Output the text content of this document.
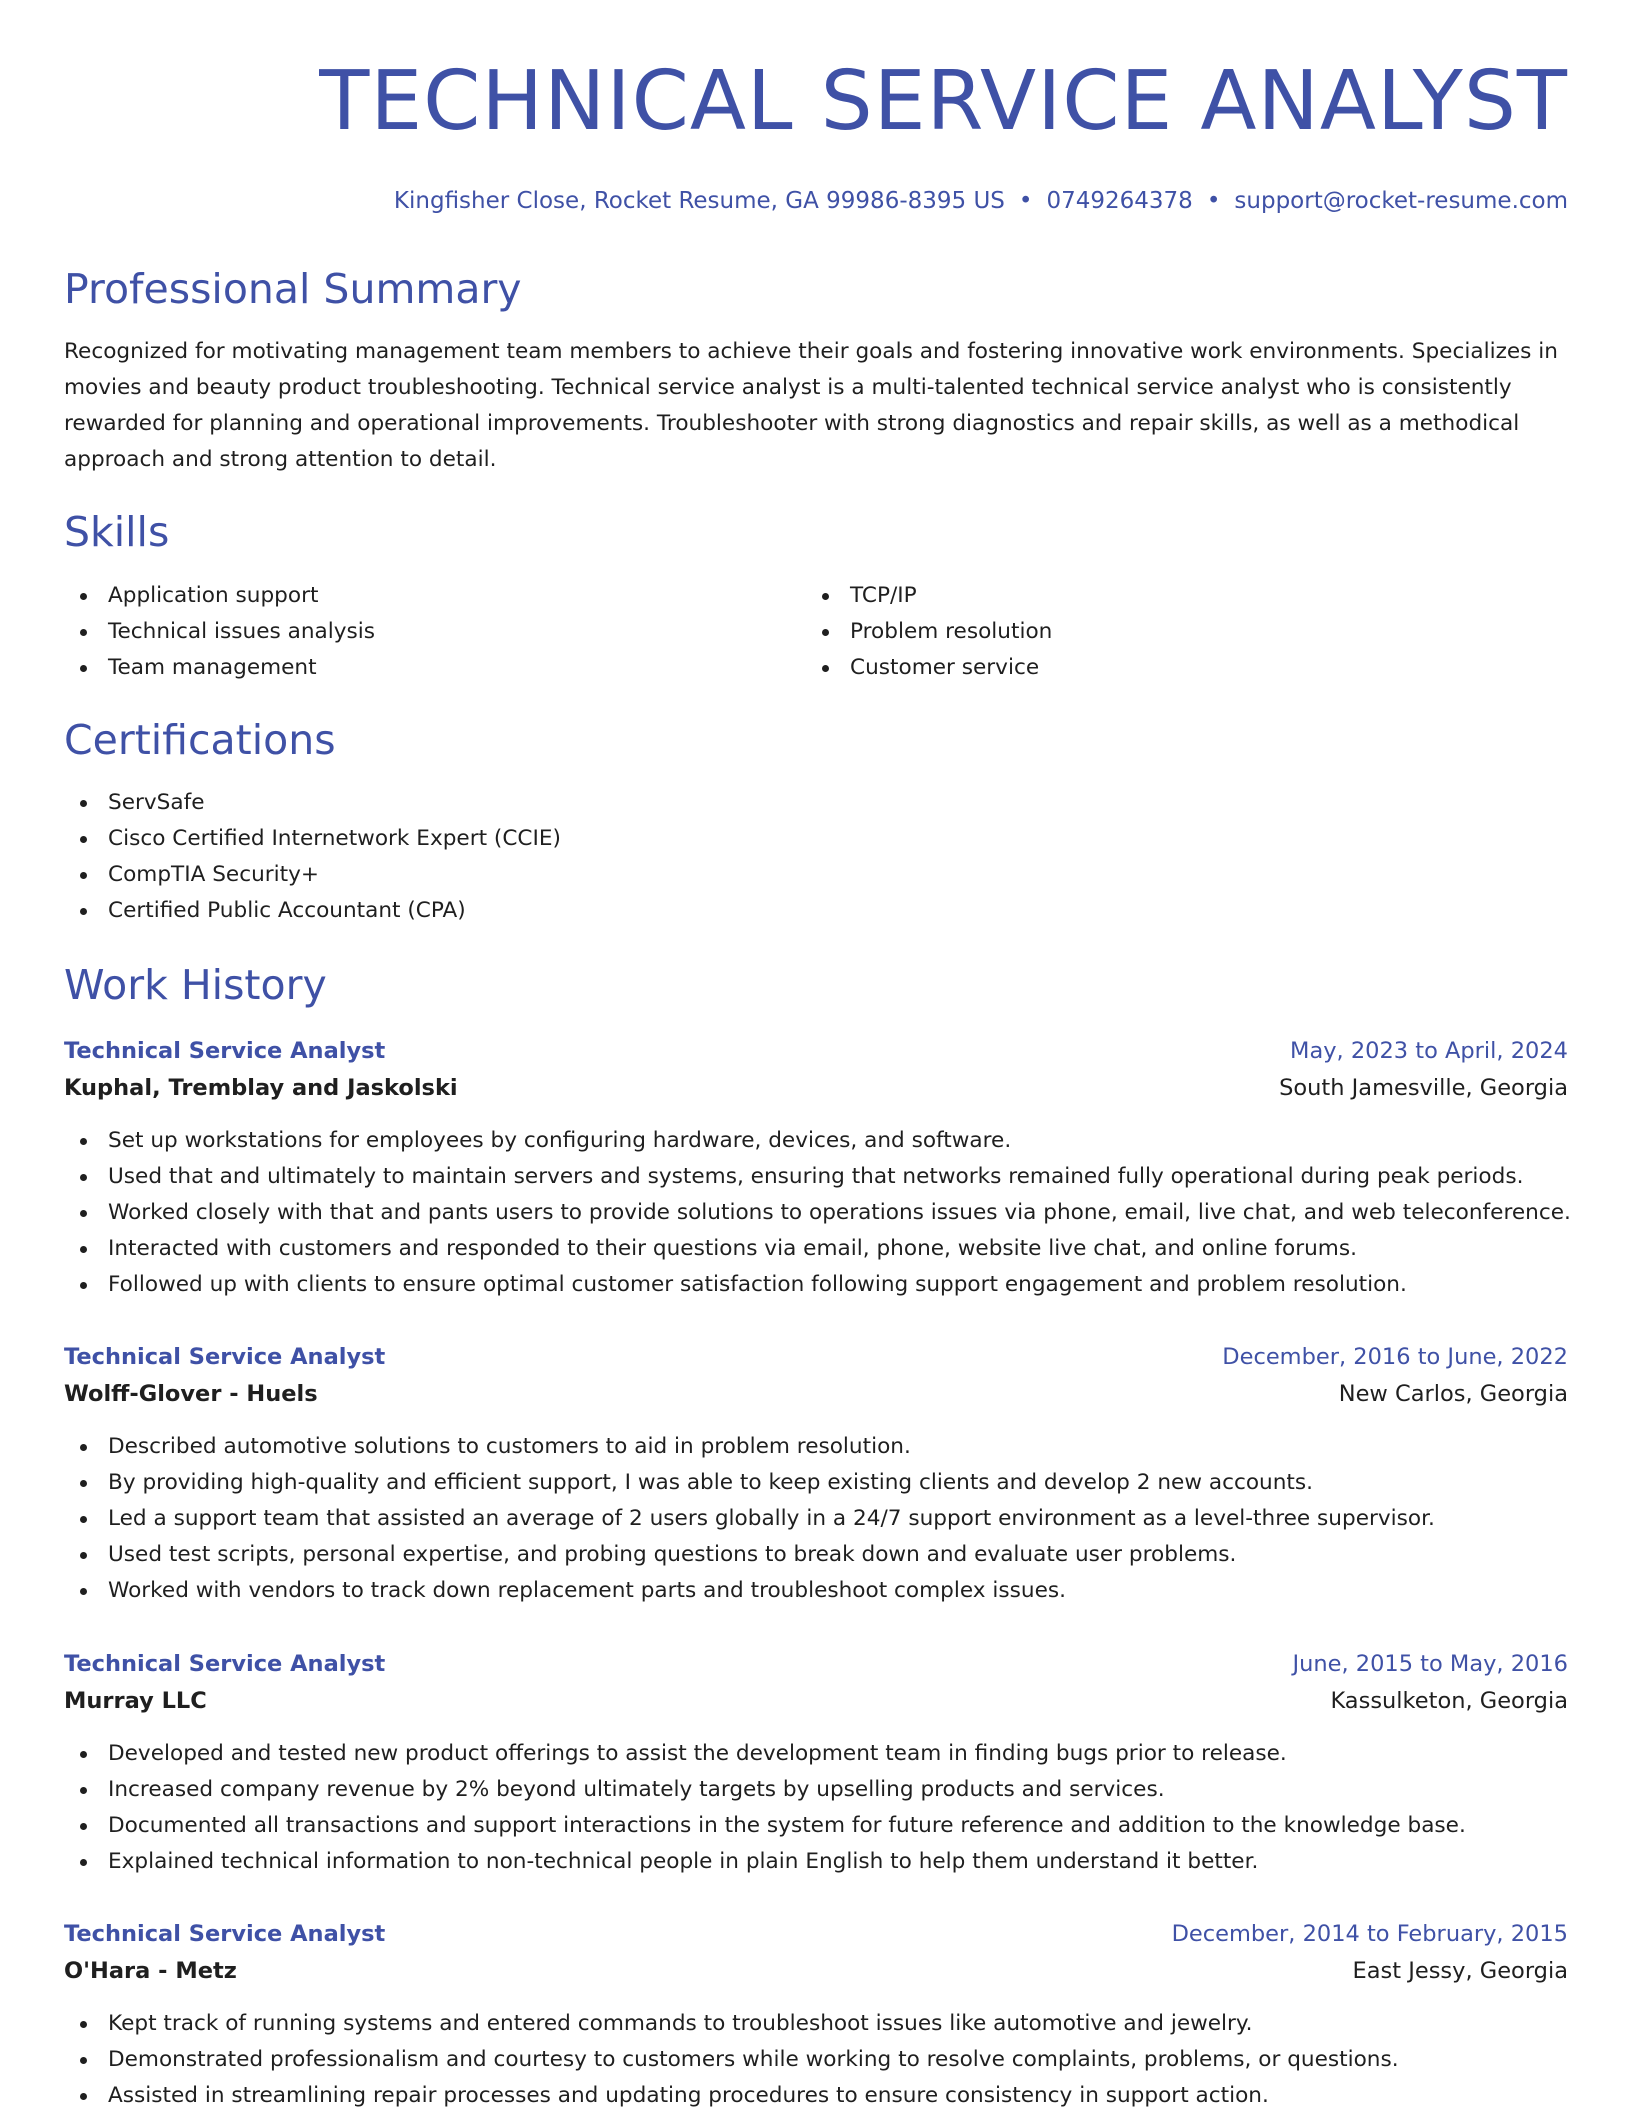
TECHNICAL SERVICE ANALYST
Kingfisher Close, Rocket Resume, GA 99986-8395 US • 0749264378 • support@rocket-resume.com
Professional Summary

Recognized for motivating management team members to achieve their goals and fostering innovative work environments. Specializes in movies and beauty product troubleshooting. Technical service analyst is a multi-talented technical service analyst who is consistently rewarded for planning and operational improvements. Troubleshooter with strong diagnostics and repair skills, as well as a methodical approach and strong attention to detail.

Skills
Application support
Technical issues analysis
Team management
TCP/IP
Problem resolution
Customer service
Certifications
ServSafe
Cisco Certified Internetwork Expert (CCIE)
CompTIA Security+
Certified Public Accountant (CPA)
Work History
Technical Service Analyst	May, 2023 to April, 2024
Kuphal, Tremblay and Jaskolski	South Jamesville, Georgia
Set up workstations for employees by configuring hardware, devices, and software.
Used that and ultimately to maintain servers and systems, ensuring that networks remained fully operational during peak periods.
Worked closely with that and pants users to provide solutions to operations issues via phone, email, live chat, and web teleconference.
Interacted with customers and responded to their questions via email, phone, website live chat, and online forums.
Followed up with clients to ensure optimal customer satisfaction following support engagement and problem resolution.
Technical Service Analyst	December, 2016 to June, 2022
Wolff-Glover - Huels	New Carlos, Georgia
Described automotive solutions to customers to aid in problem resolution.
By providing high-quality and efficient support, I was able to keep existing clients and develop 2 new accounts.
Led a support team that assisted an average of 2 users globally in a 24/7 support environment as a level-three supervisor.
Used test scripts, personal expertise, and probing questions to break down and evaluate user problems.
Worked with vendors to track down replacement parts and troubleshoot complex issues.
Technical Service Analyst	June, 2015 to May, 2016
Murray LLC	Kassulketon, Georgia
Developed and tested new product offerings to assist the development team in finding bugs prior to release.
Increased company revenue by 2% beyond ultimately targets by upselling products and services.
Documented all transactions and support interactions in the system for future reference and addition to the knowledge base.
Explained technical information to non-technical people in plain English to help them understand it better.
Technical Service Analyst	December, 2014 to February, 2015
O'Hara - Metz	East Jessy, Georgia
Kept track of running systems and entered commands to troubleshoot issues like automotive and jewelry.
Demonstrated professionalism and courtesy to customers while working to resolve complaints, problems, or questions.
Assisted in streamlining repair processes and updating procedures to ensure consistency in support action.
